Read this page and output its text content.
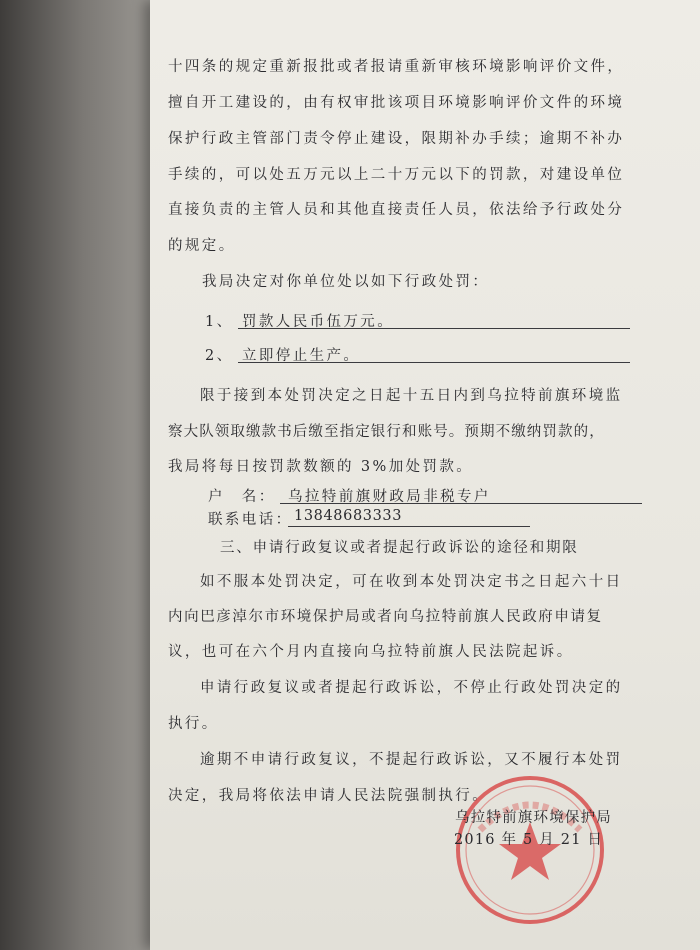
十四条的规定重新报批或者报请重新审核环境影响评价文件，
擅自开工建设的，由有权审批该项目环境影响评价文件的环境
保护行政主管部门责令停止建设，限期补办手续；逾期不补办
手续的，可以处五万元以上二十万元以下的罚款，对建设单位
直接负责的主管人员和其他直接责任人员，依法给予行政处分
的规定。
我局决定对你单位处以如下行政处罚：
1、 罚款人民币伍万元。
2、 立即停止生产。
限于接到本处罚决定之日起十五日内到乌拉特前旗环境监
察大队领取缴款书后缴至指定银行和账号。预期不缴纳罚款的，
我局将每日按罚款数额的 3%加处罚款。
户　名： 乌拉特前旗财政局非税专户
联系电话： 13848683333
三、申请行政复议或者提起行政诉讼的途径和期限
如不服本处罚决定，可在收到本处罚决定书之日起六十日
内向巴彦淖尔市环境保护局或者向乌拉特前旗人民政府申请复
议，也可在六个月内直接向乌拉特前旗人民法院起诉。
申请行政复议或者提起行政诉讼，不停止行政处罚决定的
执行。
逾期不申请行政复议，不提起行政诉讼，又不履行本处罚
决定，我局将依法申请人民法院强制执行。
乌拉特前旗环境保护局
2016 年 5 月 21 日
